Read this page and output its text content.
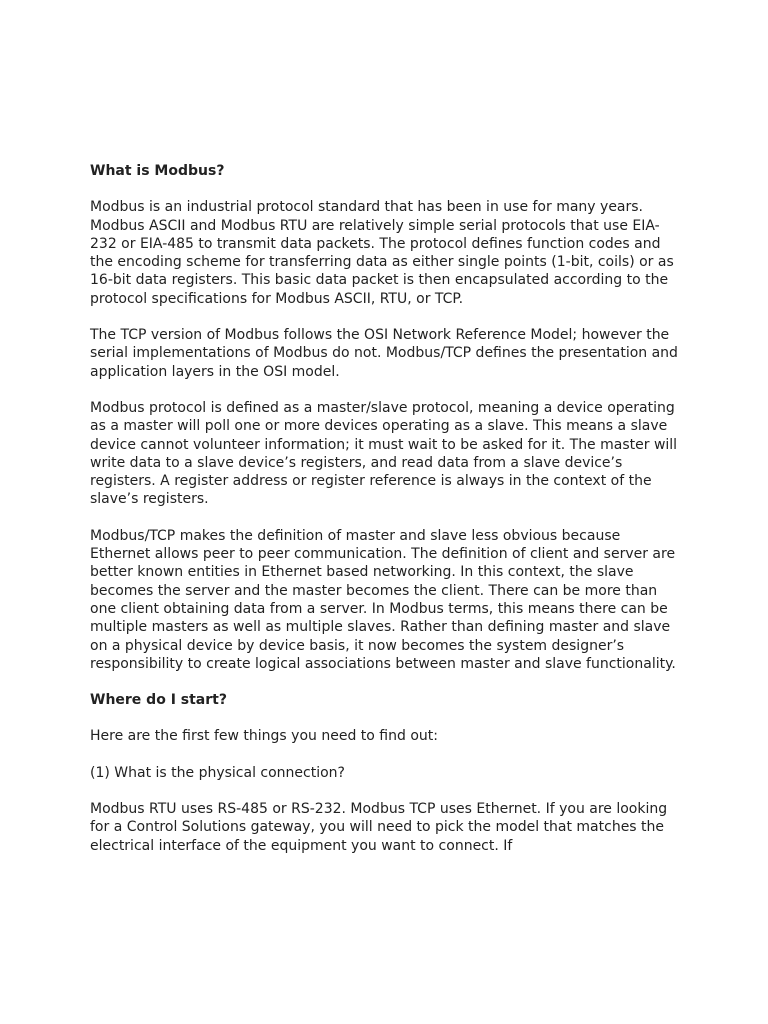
What is Modbus?
Modbus is an industrial protocol standard that has been in use for many years. Modbus ASCII and Modbus RTU are relatively simple serial protocols that use EIA-232 or EIA-485 to transmit data packets. The protocol defines function codes and the encoding scheme for transferring data as either single points (1-bit, coils) or as 16-bit data registers. This basic data packet is then encapsulated according to the protocol specifications for Modbus ASCII, RTU, or TCP.
The TCP version of Modbus follows the OSI Network Reference Model; however the serial implementations of Modbus do not. Modbus/TCP defines the presentation and application layers in the OSI model.
Modbus protocol is defined as a master/slave protocol, meaning a device operating as a master will poll one or more devices operating as a slave. This means a slave device cannot volunteer information; it must wait to be asked for it. The master will write data to a slave device’s registers, and read data from a slave device’s registers. A register address or register reference is always in the context of the slave’s registers.
Modbus/TCP makes the definition of master and slave less obvious because Ethernet allows peer to peer communication. The definition of client and server are better known entities in Ethernet based networking. In this context, the slave becomes the server and the master becomes the client. There can be more than one client obtaining data from a server. In Modbus terms, this means there can be multiple masters as well as multiple slaves. Rather than defining master and slave on a physical device by device basis, it now becomes the system designer’s responsibility to create logical associations between master and slave functionality.
Where do I start?
Here are the first few things you need to find out:
(1) What is the physical connection?
Modbus RTU uses RS-485 or RS-232. Modbus TCP uses Ethernet. If you are looking for a Control Solutions gateway, you will need to pick the model that matches the electrical interface of the equipment you want to connect. If
